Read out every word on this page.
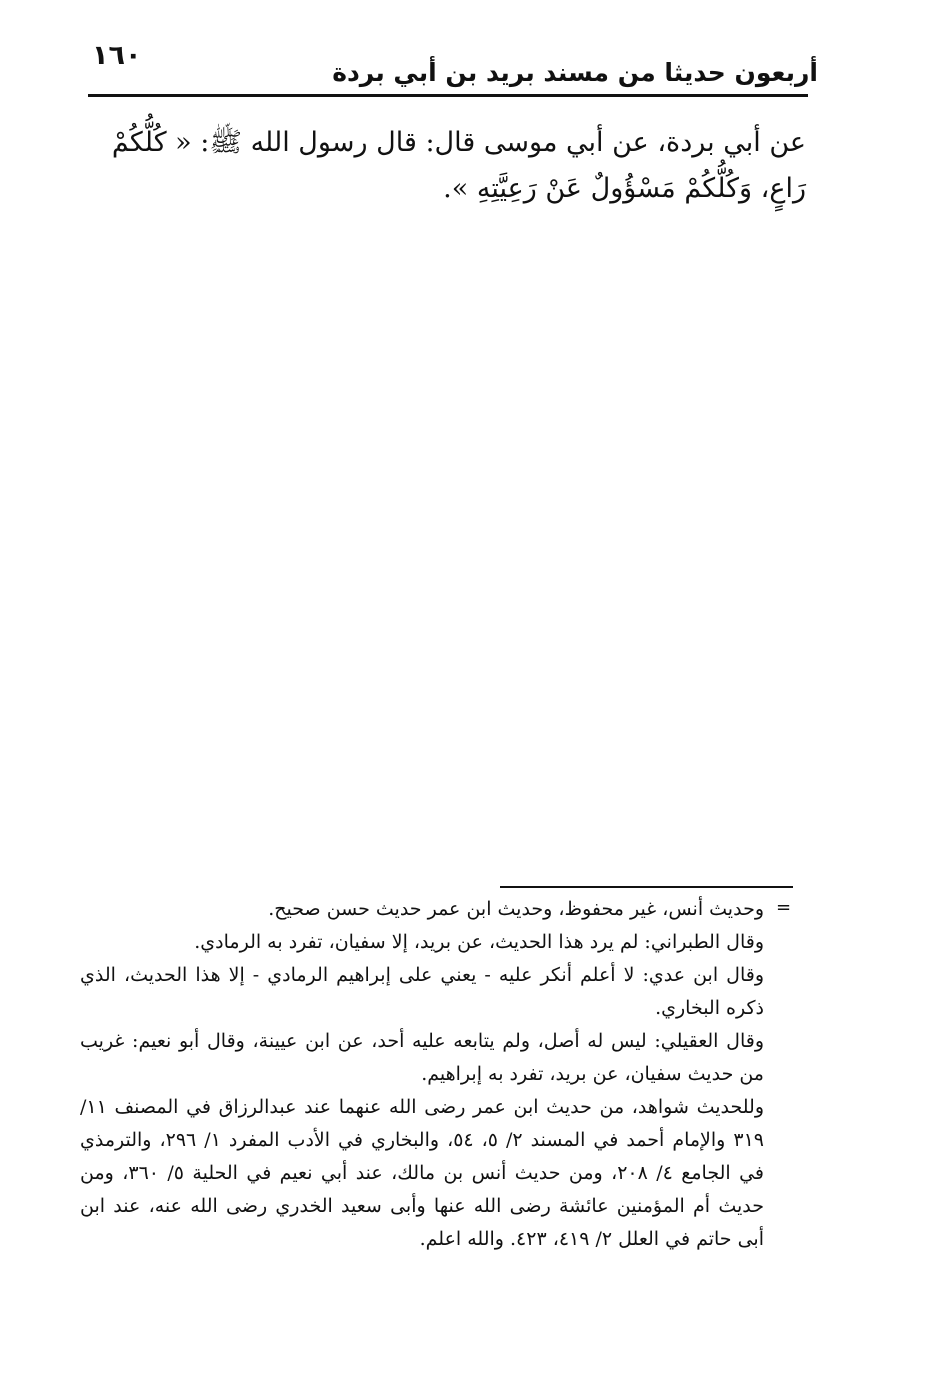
١٦٠
أربعون حديثا من مسند بريد بن أبي بردة
عن أبي بردة، عن أبي موسى قال: قال رسول الله ﷺ: « كُلُّكُمْ رَاعٍ، وَكُلُّكُمْ مَسْؤُولٌ عَنْ رَعِيَّتِهِ ».
=

وحديث أنس، غير محفوظ، وحديث ابن عمر حديث حسن صحيح.

وقال الطبراني: لم يرد هذا الحديث، عن بريد، إلا سفيان، تفرد به الرمادي.

وقال ابن عدي: لا أعلم أنكر عليه - يعني على إبراهيم الرمادي - إلا هذا الحديث، الذي ذكره البخاري.

وقال العقيلي: ليس له أصل، ولم يتابعه عليه أحد، عن ابن عيينة، وقال أبو نعيم: غريب من حديث سفيان، عن بريد، تفرد به إبراهيم.

وللحديث شواهد، من حديث ابن عمر رضى الله عنهما عند عبدالرزاق في المصنف ١١/ ٣١٩ والإمام أحمد في المسند ٢/ ٥، ٥٤، والبخاري في الأدب المفرد ١/ ٢٩٦، والترمذي في الجامع ٤/ ٢٠٨، ومن حديث أنس بن مالك، عند أبي نعيم في الحلية ٥/ ٣٦٠، ومن حديث أم المؤمنين عائشة رضى الله عنها وأبى سعيد الخدري رضى الله عنه، عند ابن أبى حاتم في العلل ٢/ ٤١٩، ٤٢٣. والله اعلم.
